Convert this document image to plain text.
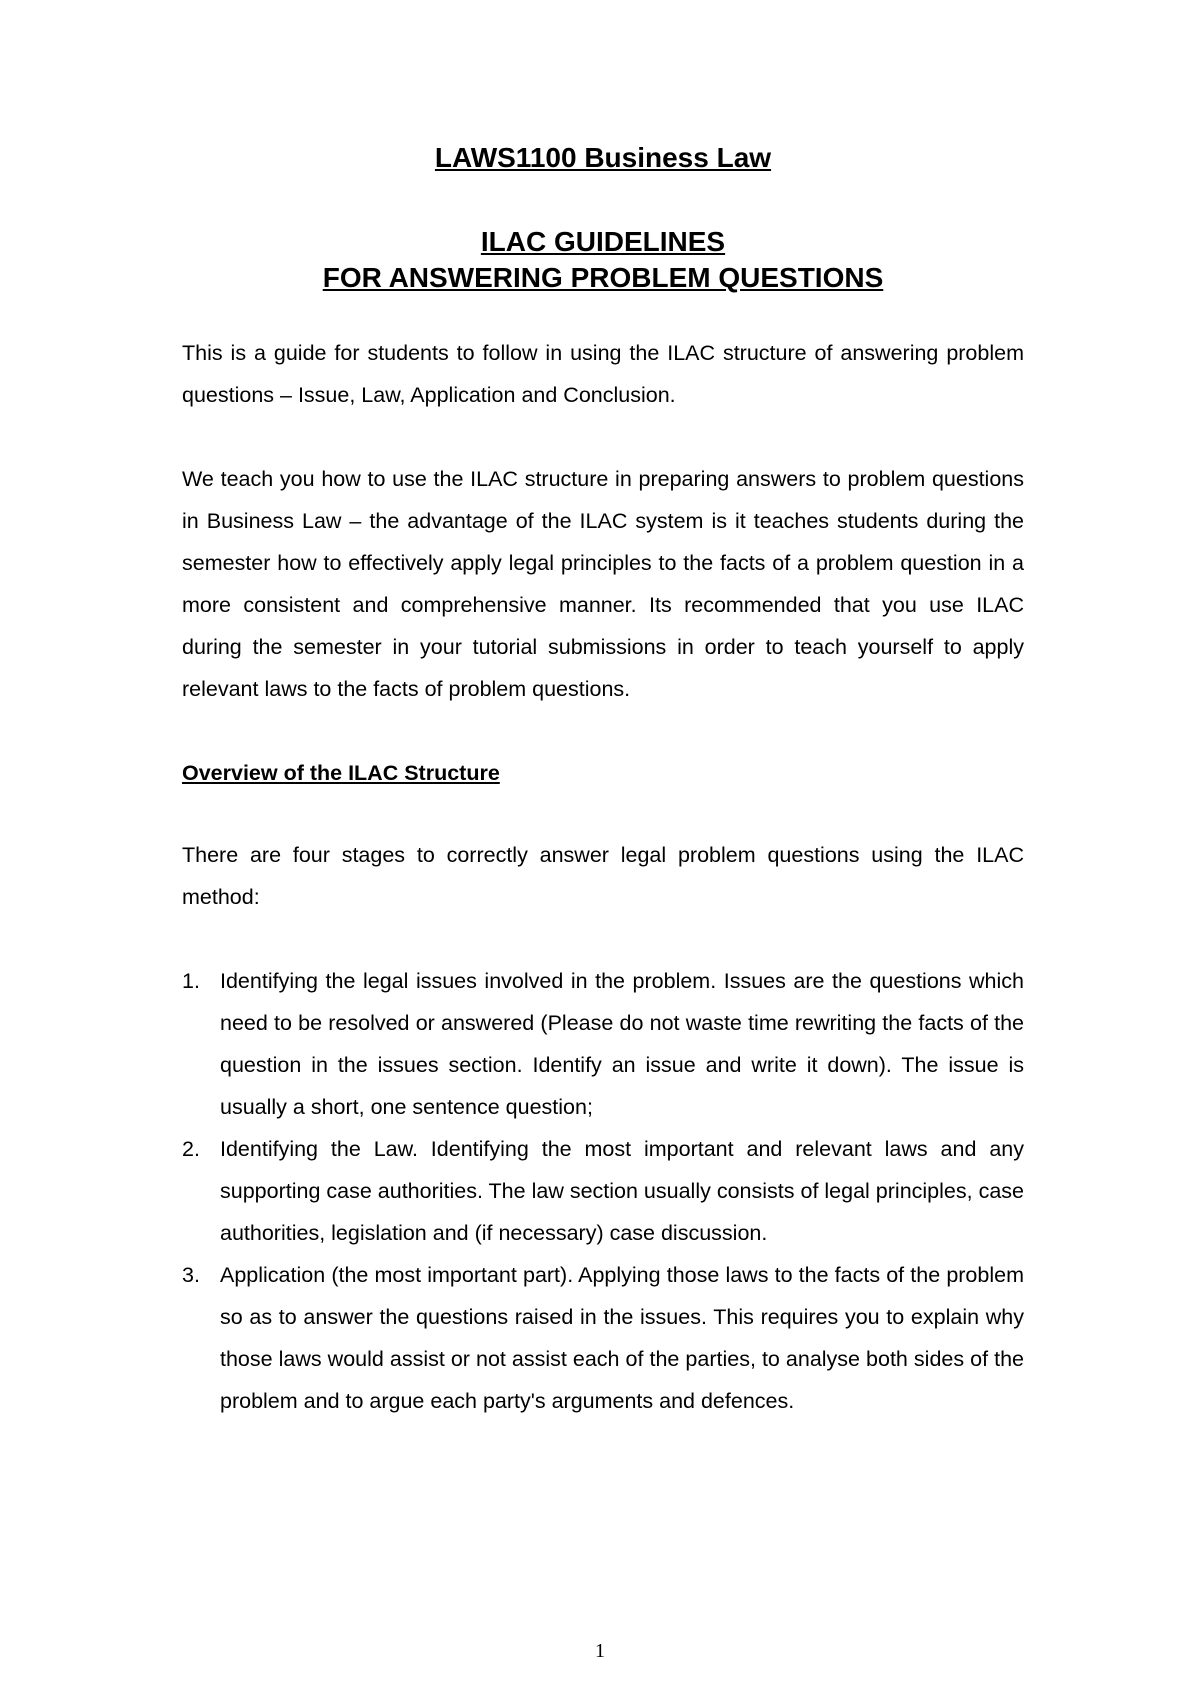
LAWS1100 Business Law
ILAC GUIDELINES
FOR ANSWERING PROBLEM QUESTIONS

This is a guide for students to follow in using the ILAC structure of answering problem questions – Issue, Law, Application and Conclusion.

We teach you how to use the ILAC structure in preparing answers to problem questions in Business Law – the advantage of the ILAC system is it teaches students during the semester how to effectively apply legal principles to the facts of a problem question in a more consistent and comprehensive manner. Its recommended that you use ILAC during the semester in your tutorial submissions in order to teach yourself to apply relevant laws to the facts of problem questions.

Overview of the ILAC Structure

There are four stages to correctly answer legal problem questions using the ILAC method:

1. Identifying the legal issues involved in the problem. Issues are the questions which need to be resolved or answered (Please do not waste time rewriting the facts of the question in the issues section. Identify an issue and write it down). The issue is usually a short, one sentence question;
2. Identifying the Law. Identifying the most important and relevant laws and any supporting case authorities. The law section usually consists of legal principles, case authorities, legislation and (if necessary) case discussion.
3. Application (the most important part). Applying those laws to the facts of the problem so as to answer the questions raised in the issues. This requires you to explain why those laws would assist or not assist each of the parties, to analyse both sides of the problem and to argue each party's arguments and defences.
1
